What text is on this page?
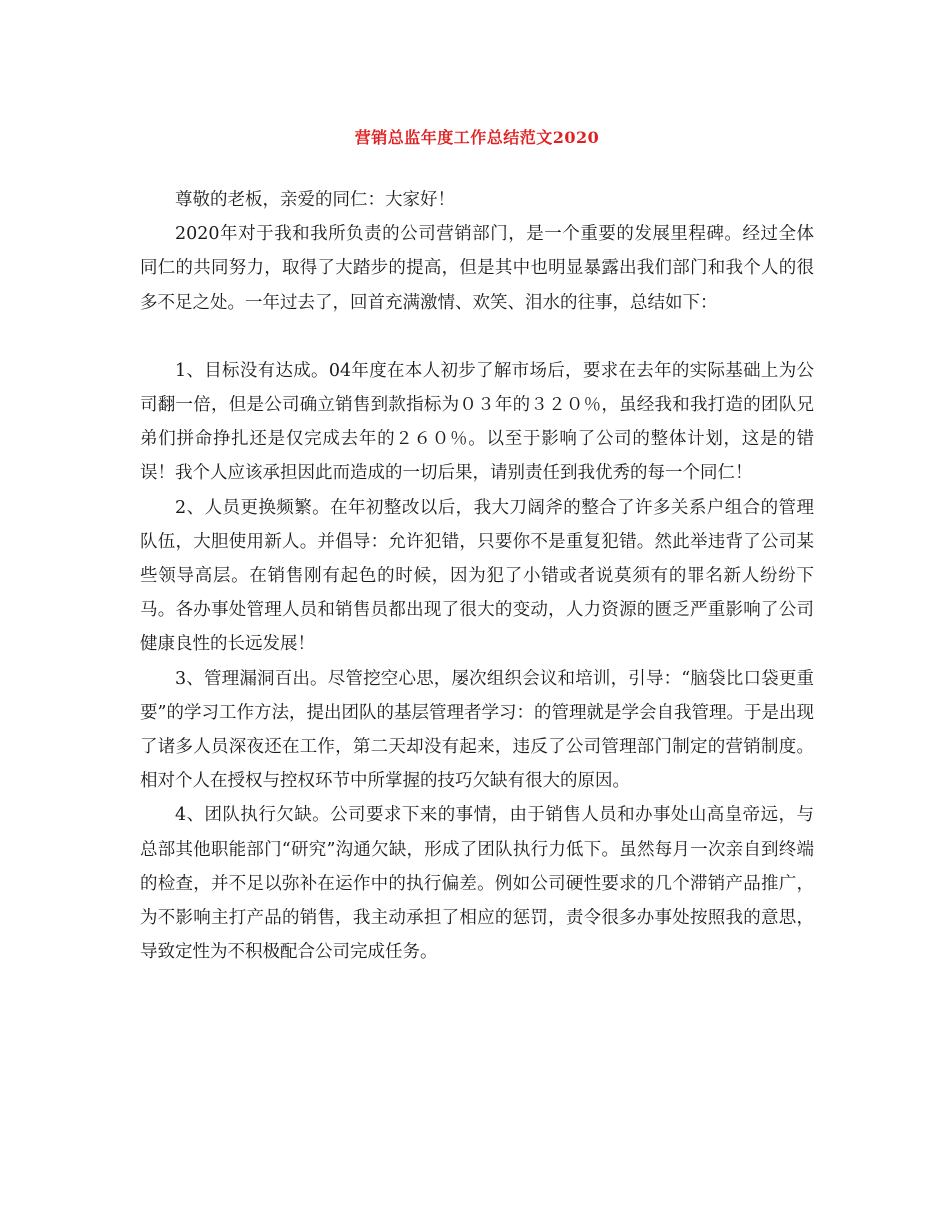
营销总监年度工作总结范文2020

尊敬的老板，亲爱的同仁：大家好！

2020年对于我和我所负责的公司营销部门，是一个重要的发展里程碑。经过全体同仁的共同努力，取得了大踏步的提高，但是其中也明显暴露出我们部门和我个人的很多不足之处。一年过去了，回首充满激情、欢笑、泪水的往事，总结如下：

1、目标没有达成。04年度在本人初步了解市场后，要求在去年的实际基础上为公司翻一倍，但是公司确立销售到款指标为０３年的３２０％，虽经我和我打造的团队兄弟们拼命挣扎还是仅完成去年的２６０％。以至于影响了公司的整体计划，这是的错误！我个人应该承担因此而造成的一切后果，请别责任到我优秀的每一个同仁！

2、人员更换频繁。在年初整改以后，我大刀阔斧的整合了许多关系户组合的管理队伍，大胆使用新人。并倡导：允许犯错，只要你不是重复犯错。然此举违背了公司某些领导高层。在销售刚有起色的时候，因为犯了小错或者说莫须有的罪名新人纷纷下马。各办事处管理人员和销售员都出现了很大的变动，人力资源的匮乏严重影响了公司健康良性的长远发展！

3、管理漏洞百出。尽管挖空心思，屡次组织会议和培训，引导：“脑袋比口袋更重要”的学习工作方法，提出团队的基层管理者学习：的管理就是学会自我管理。于是出现了诸多人员深夜还在工作，第二天却没有起来，违反了公司管理部门制定的营销制度。相对个人在授权与控权环节中所掌握的技巧欠缺有很大的原因。

4、团队执行欠缺。公司要求下来的事情，由于销售人员和办事处山高皇帝远，与总部其他职能部门“研究”沟通欠缺，形成了团队执行力低下。虽然每月一次亲自到终端的检查，并不足以弥补在运作中的执行偏差。例如公司硬性要求的几个滞销产品推广，为不影响主打产品的销售，我主动承担了相应的惩罚，责令很多办事处按照我的意思，导致定性为不积极配合公司完成任务。
